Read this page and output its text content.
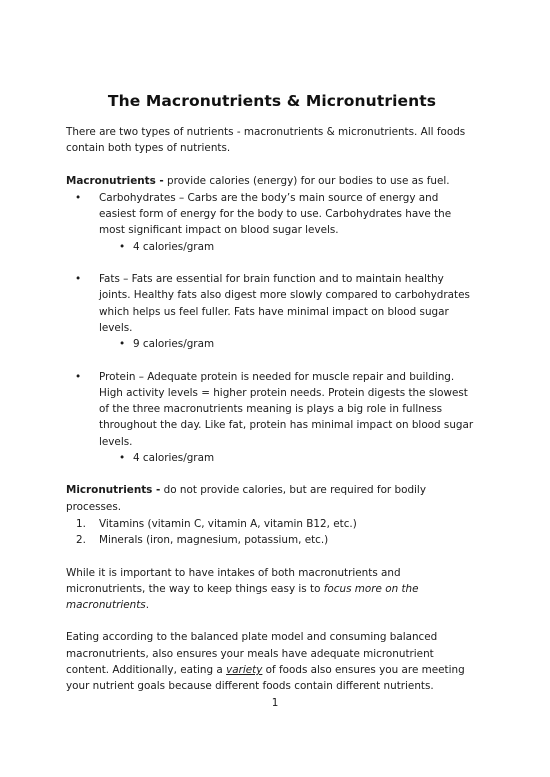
The Macronutrients & Micronutrients

There are two types of nutrients - macronutrients & micronutrients. All foods contain both types of nutrients.

Macronutrients - provide calories (energy) for our bodies to use as fuel.

• Carbohydrates – Carbs are the body’s main source of energy and easiest form of energy for the body to use. Carbohydrates have the most significant impact on blood sugar levels.
• 4 calories/gram
• Fats – Fats are essential for brain function and to maintain healthy joints. Healthy fats also digest more slowly compared to carbohydrates which helps us feel fuller. Fats have minimal impact on blood sugar levels.
• 9 calories/gram
• Protein – Adequate protein is needed for muscle repair and building. High activity levels = higher protein needs. Protein digests the slowest of the three macronutrients meaning is plays a big role in fullness throughout the day. Like fat, protein has minimal impact on blood sugar levels.
• 4 calories/gram

Micronutrients - do not provide calories, but are required for bodily processes.

1. Vitamins (vitamin C, vitamin A, vitamin B12, etc.)
2. Minerals (iron, magnesium, potassium, etc.)

While it is important to have intakes of both macronutrients and micronutrients, the way to keep things easy is to focus more on the macronutrients.

Eating according to the balanced plate model and consuming balanced macronutrients, also ensures your meals have adequate micronutrient content. Additionally, eating a variety of foods also ensures you are meeting your nutrient goals because different foods contain different nutrients.

1
